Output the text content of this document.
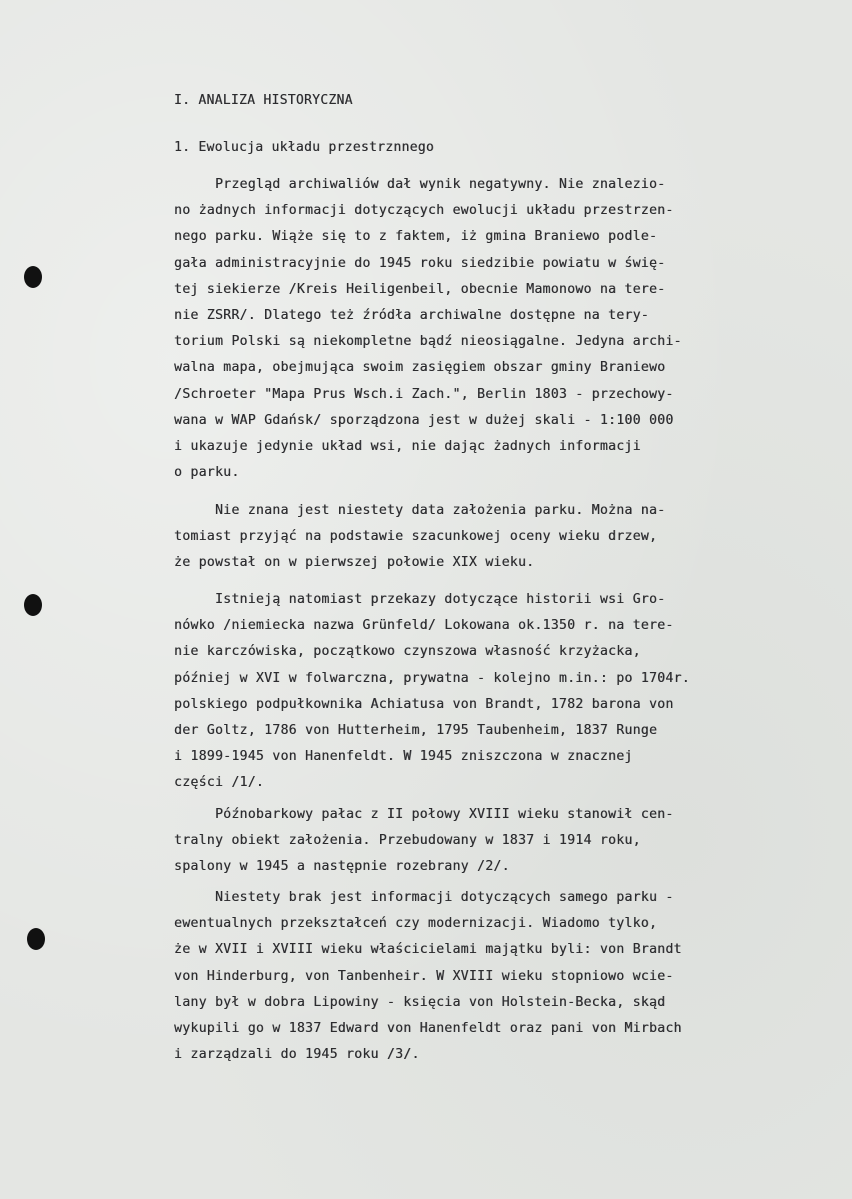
I. ANALIZA HISTORYCZNA
1. Ewolucja układu przestrznnego
Przegląd archiwaliów dał wynik negatywny. Nie znalezio-
no żadnych informacji dotyczących ewolucji układu przestrzen-
nego parku. Wiąże się to z faktem, iż gmina Braniewo podle-
gała administracyjnie do 1945 roku siedzibie powiatu w świę-
tej siekierze /Kreis Heiligenbeil, obecnie Mamonowo na tere-
nie ZSRR/. Dlatego też źródła archiwalne dostępne na tery-
torium Polski są niekompletne bądź nieosiągalne. Jedyna archi-
walna mapa, obejmująca swoim zasięgiem obszar gminy Braniewo
/Schroeter "Mapa Prus Wsch.i Zach.", Berlin 1803 - przechowy-
wana w WAP Gdańsk/ sporządzona jest w dużej skali - 1:100 000
i ukazuje jedynie układ wsi, nie dając żadnych informacji
o parku.
Nie znana jest niestety data założenia parku. Można na-
tomiast przyjąć na podstawie szacunkowej oceny wieku drzew,
że powstał on w pierwszej połowie XIX wieku.
Istnieją natomiast przekazy dotyczące historii wsi Gro-
nówko /niemiecka nazwa Grünfeld/ Lokowana ok.1350 r. na tere-
nie karczówiska, początkowo czynszowa własność krzyżacka,
później w XVI w folwarczna, prywatna - kolejno m.in.: po 1704r.
polskiego podpułkownika Achiatusa von Brandt, 1782 barona von
der Goltz, 1786 von Hutterheim, 1795 Taubenheim, 1837 Runge
i 1899-1945 von Hanenfeldt. W 1945 zniszczona w znacznej
części /1/.
Późnobarkowy pałac z II połowy XVIII wieku stanowił cen-
tralny obiekt założenia. Przebudowany w 1837 i 1914 roku,
spalony w 1945 a następnie rozebrany /2/.
Niestety brak jest informacji dotyczących samego parku -
ewentualnych przekształceń czy modernizacji. Wiadomo tylko,
że w XVII i XVIII wieku właścicielami majątku byli: von Brandt
von Hinderburg, von Tanbenheir. W XVIII wieku stopniowo wcie-
lany był w dobra Lipowiny - księcia von Holstein-Becka, skąd
wykupili go w 1837 Edward von Hanenfeldt oraz pani von Mirbach
i zarządzali do 1945 roku /3/.
